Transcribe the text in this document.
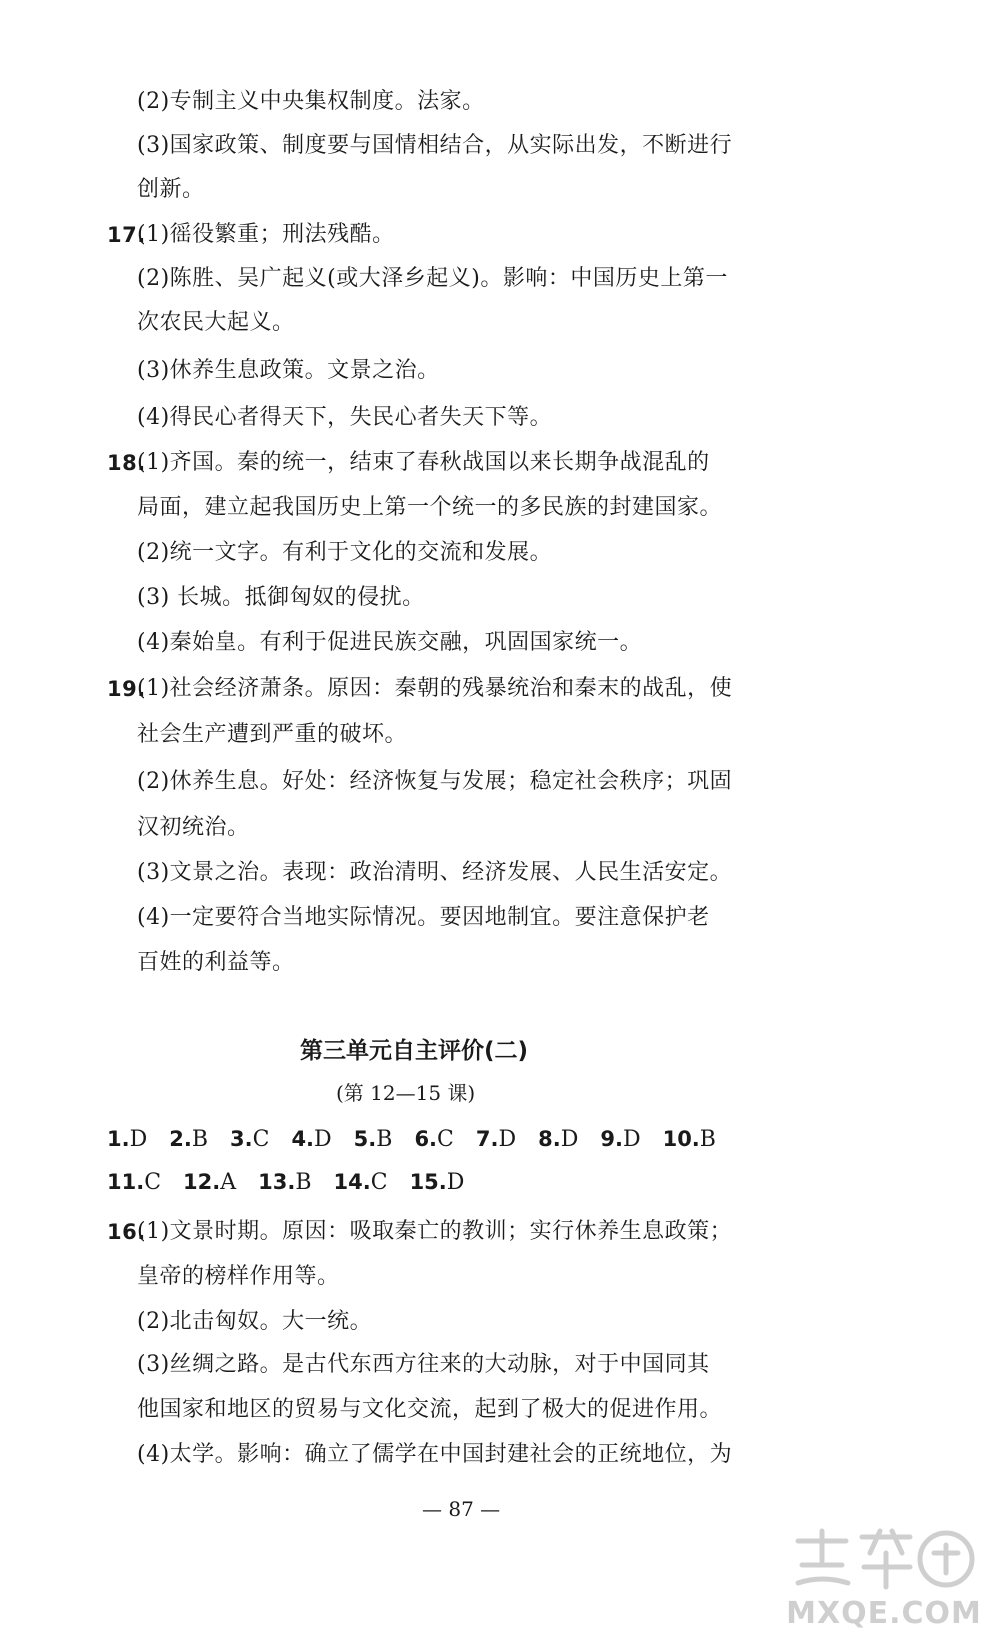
(2)专制主义中央集权制度。法家。
(3)国家政策、制度要与国情相结合，从实际出发，不断进行
创新。
17.
(1)徭役繁重；刑法残酷。
(2)陈胜、吴广起义(或大泽乡起义)。影响：中国历史上第一
次农民大起义。
(3)休养生息政策。文景之治。
(4)得民心者得天下，失民心者失天下等。
18.
(1)齐国。秦的统一，结束了春秋战国以来长期争战混乱的
局面，建立起我国历史上第一个统一的多民族的封建国家。
(2)统一文字。有利于文化的交流和发展。
(3) 长城。抵御匈奴的侵扰。
(4)秦始皇。有利于促进民族交融，巩固国家统一。
19.
(1)社会经济萧条。原因：秦朝的残暴统治和秦末的战乱，使
社会生产遭到严重的破坏。
(2)休养生息。好处：经济恢复与发展；稳定社会秩序；巩固
汉初统治。
(3)文景之治。表现：政治清明、经济发展、人民生活安定。
(4)一定要符合当地实际情况。要因地制宜。要注意保护老
百姓的利益等。
第三单元自主评价(二)
(第 12—15 课)
1.D 2.B 3.C 4.D 5.B 6.C 7.D 8.D 9.D 10.B
11.C 12.A 13.B 14.C 15.D
16.
(1)文景时期。原因：吸取秦亡的教训；实行休养生息政策；
皇帝的榜样作用等。
(2)北击匈奴。大一统。
(3)丝绸之路。是古代东西方往来的大动脉，对于中国同其
他国家和地区的贸易与文化交流，起到了极大的促进作用。
(4)太学。影响：确立了儒学在中国封建社会的正统地位，为
— 87 —
MXQE.COM
